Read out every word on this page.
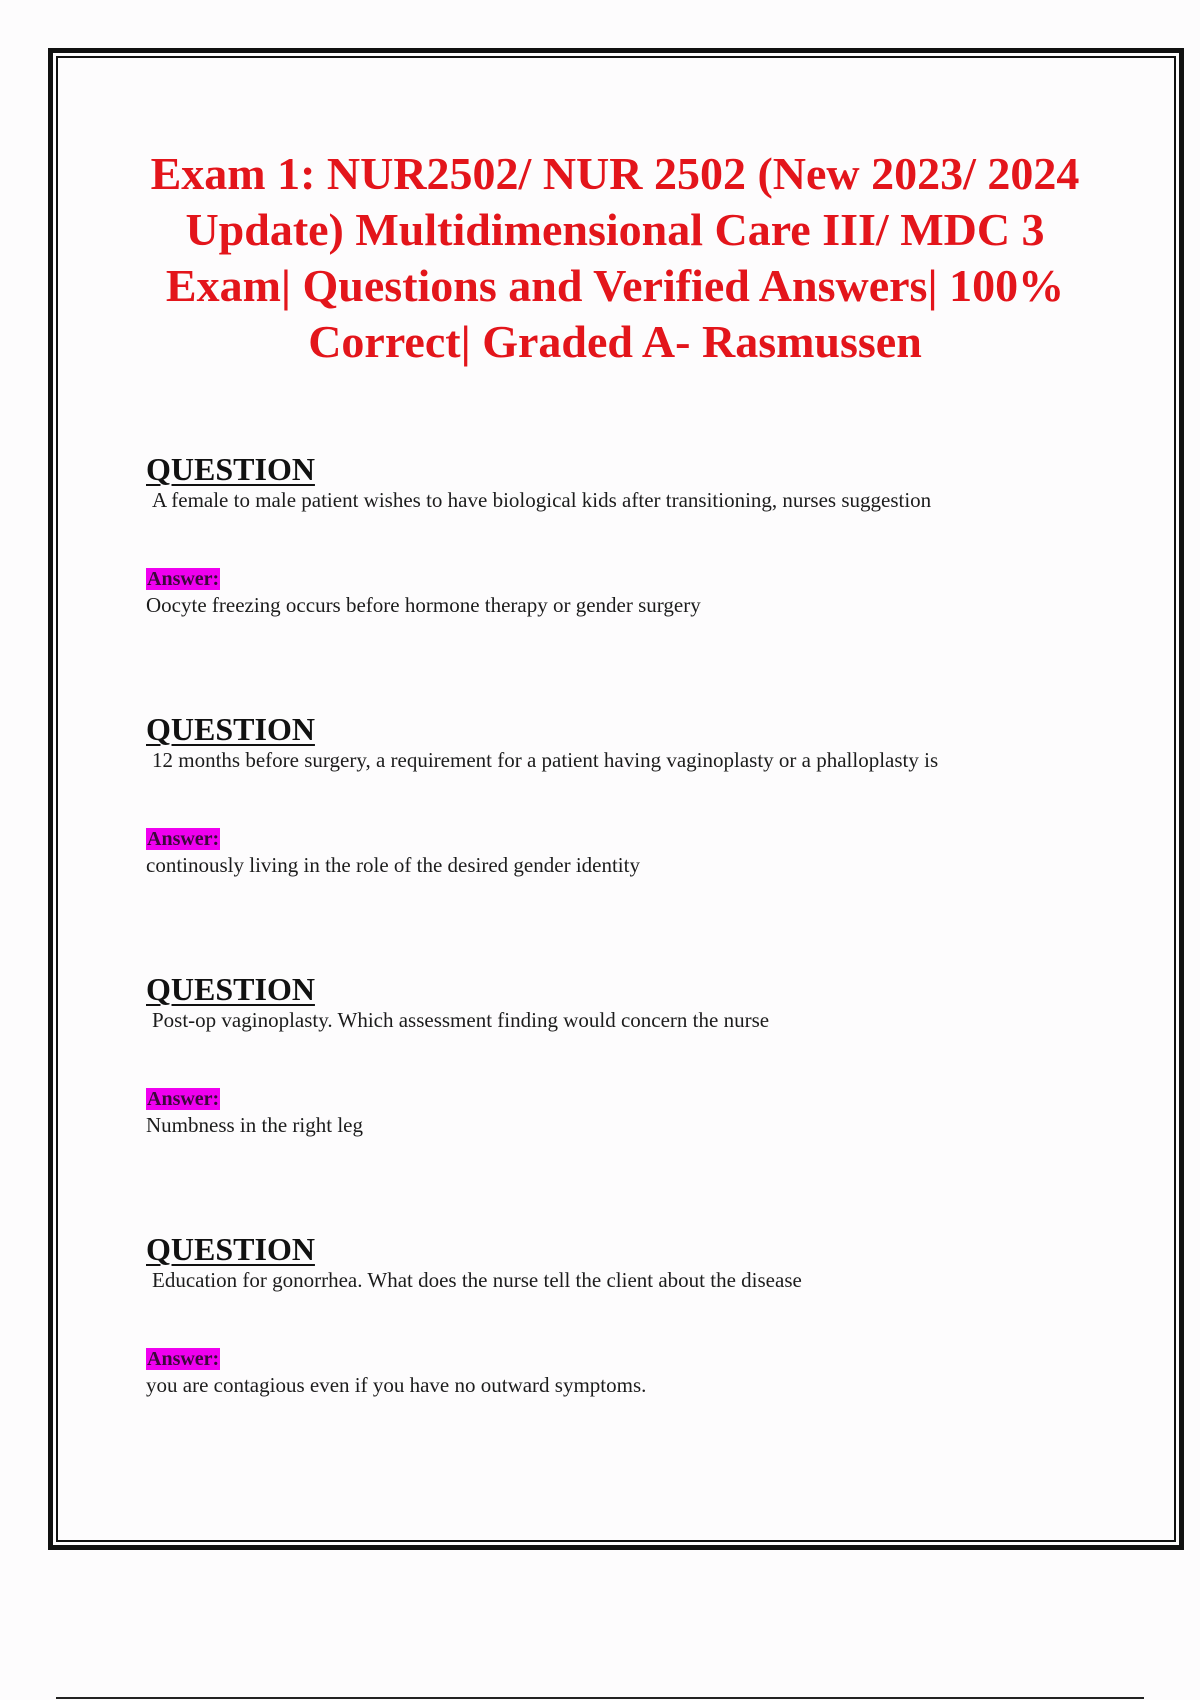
Exam 1: NUR2502/ NUR 2502 (New 2023/ 2024 Update) Multidimensional Care III/ MDC 3 Exam| Questions and Verified Answers| 100% Correct| Graded A- Rasmussen
QUESTION

A female to male patient wishes to have biological kids after transitioning, nurses suggestion

Answer:

Oocyte freezing occurs before hormone therapy or gender surgery

QUESTION

12 months before surgery, a requirement for a patient having vaginoplasty or a phalloplasty is

Answer:

continously living in the role of the desired gender identity

QUESTION

Post-op vaginoplasty. Which assessment finding would concern the nurse

Answer:

Numbness in the right leg

QUESTION

Education for gonorrhea. What does the nurse tell the client about the disease

Answer:

you are contagious even if you have no outward symptoms.
